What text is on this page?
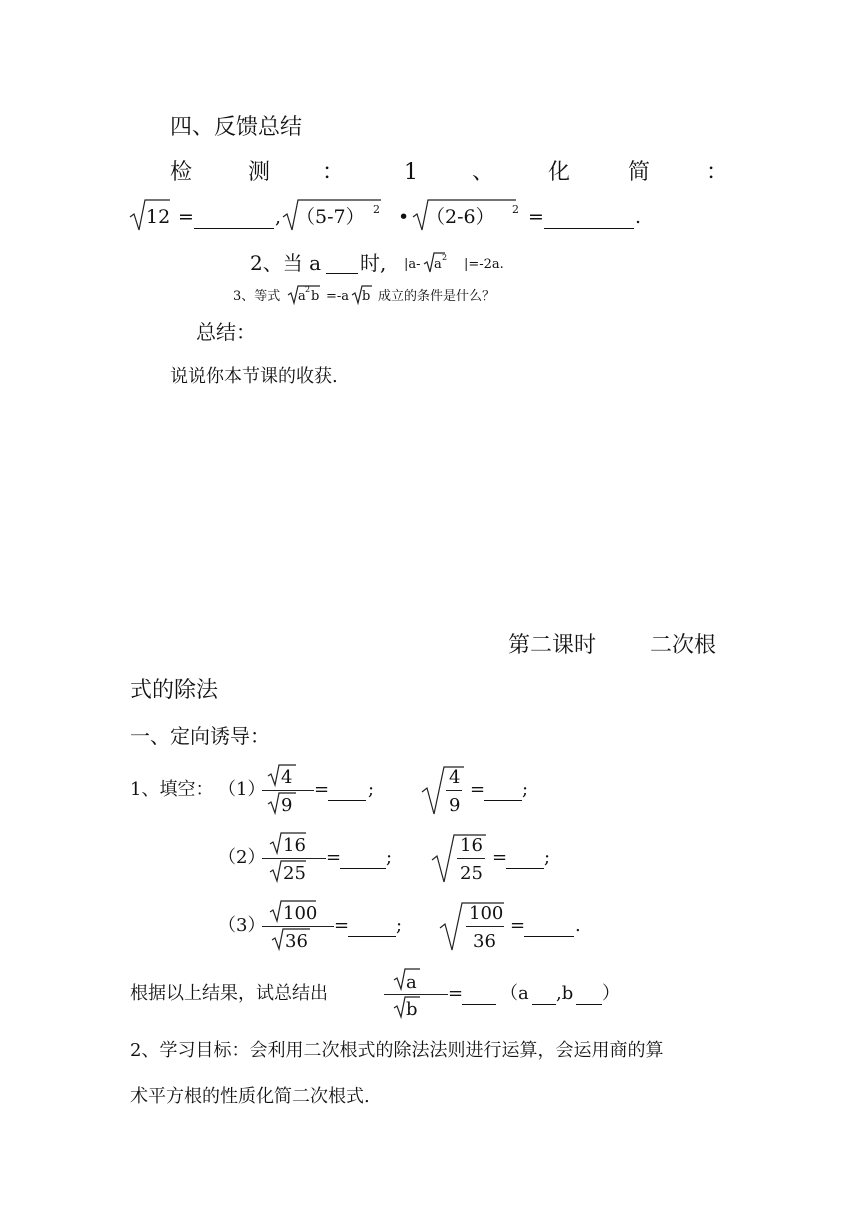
四、反馈总结
检	测 ：	1 、 化	简	：
12 =	, （5-7） 2 • （2-6） 2 =	.
2、当 a 时, |a- a 2 |=-2a.
3、等式 a 2 b =-a b 成立的条件是什么？
总结：
说说你本节课的收获.
第二课时 二次根
式的除法
一、定向诱导：
1、填空： （1）
4
9
= ;
4
9
= ;
（2）
16
25
= ;
16
25
= ;
（3）
100
36
=	;
100
36
=	.
根据以上结果，试总结出
a
b
= （a ,b ）
2、学习目标：会利用二次根式的除法法则进行运算，会运用商的算
术平方根的性质化简二次根式.
